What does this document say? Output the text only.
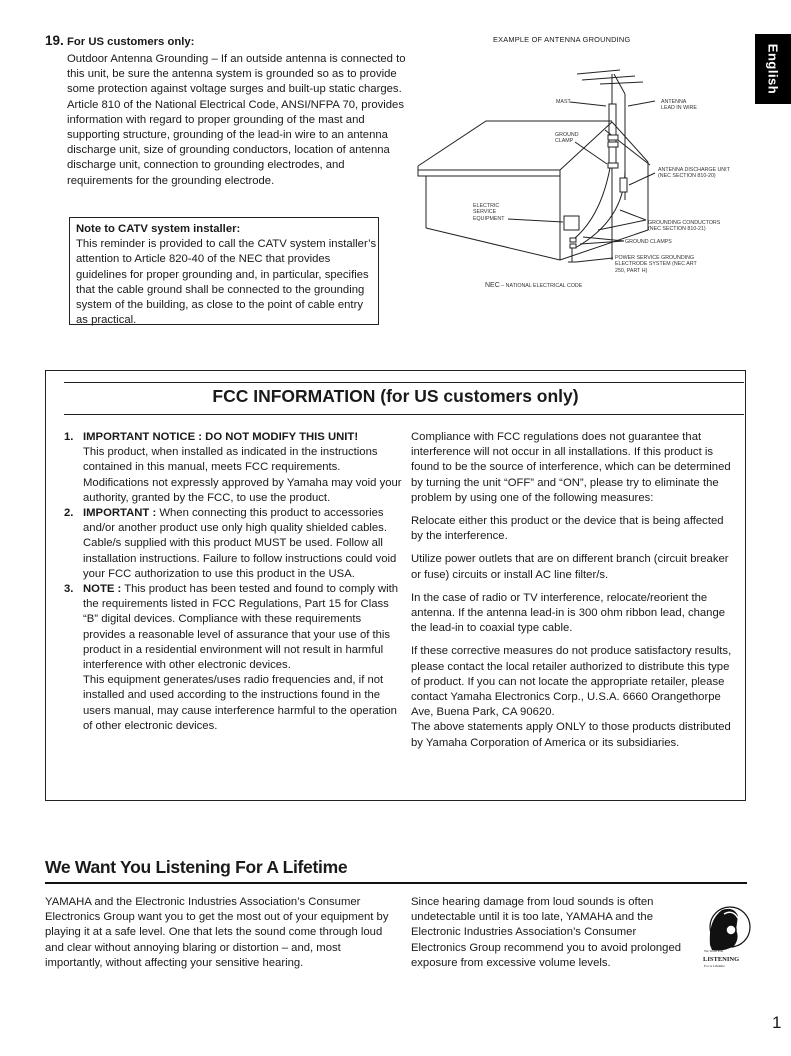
English
19. For US customers only:
Outdoor Antenna Grounding – If an outside antenna is connected to this unit, be sure the antenna system is grounded so as to provide some protection against voltage surges and built-up static charges. Article 810 of the National Electrical Code, ANSI/NFPA 70, provides information with regard to proper grounding of the mast and supporting structure, grounding of the lead-in wire to an antenna discharge unit, size of grounding conductors, location of antenna discharge unit, connection to grounding electrodes, and requirements for the grounding electrode.
Note to CATV system installer:
This reminder is provided to call the CATV system installer’s attention to Article 820-40 of the NEC that provides guidelines for proper grounding and, in particular, specifies that the cable ground shall be connected to the grounding system of the building, as close to the point of cable entry as practical.
EXAMPLE OF ANTENNA GROUNDING
MAST	ANTENNA LEAD IN WIRE
GROUND CLAMP
ANTENNA DISCHARGE UNIT (NEC SECTION 810-20)
ELECTRIC SERVICE EQUIPMENT
GROUNDING CONDUCTORS (NEC SECTION 810-21)
GROUND CLAMPS
POWER SERVICE GROUNDING ELECTRODE SYSTEM (NEC ART 250, PART H)
NEC – NATIONAL ELECTRICAL CODE
FCC INFORMATION (for US customers only)
1. IMPORTANT NOTICE : DO NOT MODIFY THIS UNIT!
This product, when installed as indicated in the instructions contained in this manual, meets FCC requirements. Modifications not expressly approved by Yamaha may void your authority, granted by the FCC, to use the product.
2. IMPORTANT : When connecting this product to accessories and/or another product use only high quality shielded cables. Cable/s supplied with this product MUST be used. Follow all installation instructions. Failure to follow instructions could void your FCC authorization to use this product in the USA.
3. NOTE : This product has been tested and found to comply with the requirements listed in FCC Regulations, Part 15 for Class “B” digital devices. Compliance with these requirements provides a reasonable level of assurance that your use of this product in a residential environment will not result in harmful interference with other electronic devices.
This equipment generates/uses radio frequencies and, if not installed and used according to the instructions found in the users manual, may cause interference harmful to the operation of other electronic devices.

Compliance with FCC regulations does not guarantee that interference will not occur in all installations. If this product is found to be the source of interference, which can be determined by turning the unit “OFF” and “ON”, please try to eliminate the problem by using one of the following measures:

Relocate either this product or the device that is being affected by the interference.

Utilize power outlets that are on different branch (circuit breaker or fuse) circuits or install AC line filter/s.

In the case of radio or TV interference, relocate/reorient the antenna. If the antenna lead-in is 300 ohm ribbon lead, change the lead-in to coaxial type cable.

If these corrective measures do not produce satisfactory results, please contact the local retailer authorized to distribute this type of product. If you can not locate the appropriate retailer, please contact Yamaha Electronics Corp., U.S.A. 6660 Orangethorpe Ave, Buena Park, CA 90620.

The above statements apply ONLY to those products distributed by Yamaha Corporation of America or its subsidiaries.

We Want You Listening For A Lifetime
YAMAHA and the Electronic Industries Association’s Consumer Electronics Group want you to get the most out of your equipment by playing it at a safe level. One that lets the sound come through loud and clear without annoying blaring or distortion – and, most importantly, without affecting your sensitive hearing.
Since hearing damage from loud sounds is often undetectable until it is too late, YAMAHA and the Electronic Industries Association’s Consumer Electronics Group recommend you to avoid prolonged exposure from excessive volume levels.
We Want You
LISTENING
For A Lifetime
1
